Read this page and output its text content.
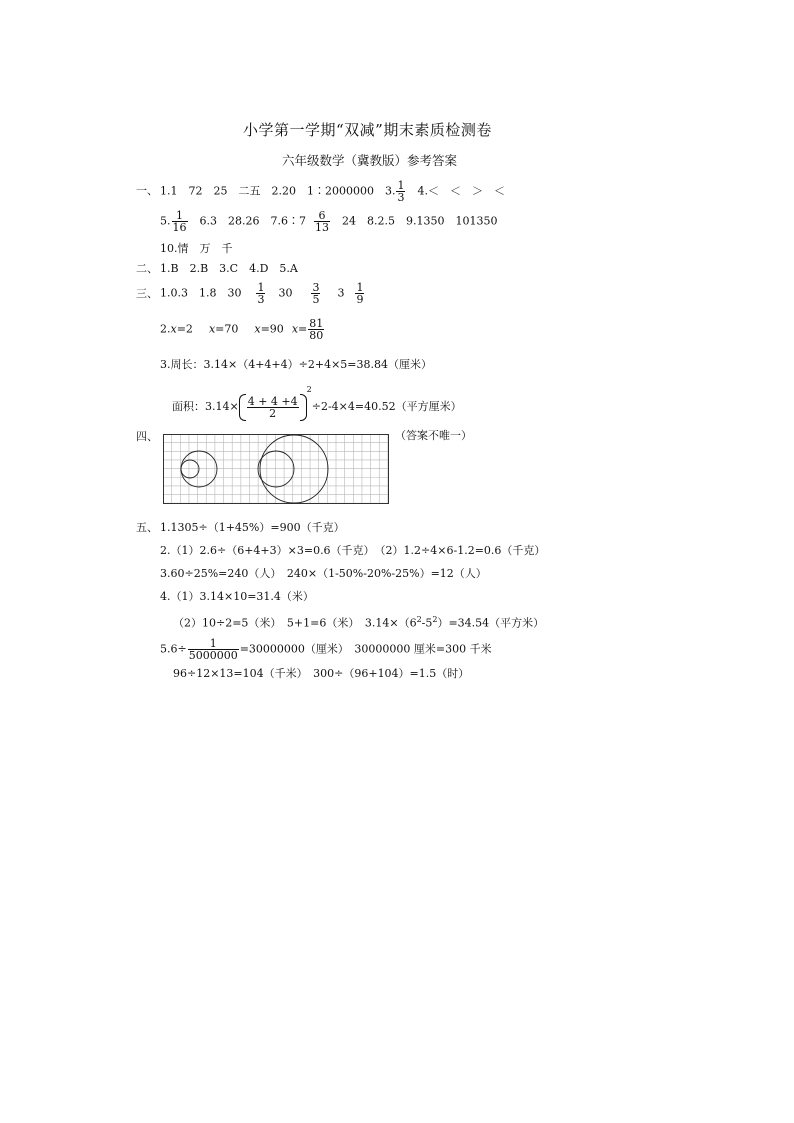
小学第一学期“双减”期末素质检测卷
六年级数学（冀教版）参考答案
一、 1.1　72　25　二五　2.20　1∶2000000　3. $\frac{1}{3}$ 　4.＜　＜　＞　＜
5. $\frac{1}{16}$ 　6.3　28.26　7.6∶7 $\frac{6}{13}$ 　24　8.2.5　9.1350　101350
10.情　万　千
二、 1.B　2.B　3.C　4.D　5.A
三、 1.0.3　1.8　$30 \frac{1}{3} 30 \frac{3}{5} 3 \frac{1}{9}$
2.x=2 x=70 x=90 $x= \frac{81}{80}$
3.周长：3.14×（4+4+4）÷2+4×5=38.84（厘米）
面积：$3.14\times \frac{4 + 4 +4}{2}$
$^2$÷2-4×4=40.52（平方厘米）
四、	（答案不唯一）
五、 1.1305÷（1+45%）=900（千克）
2.（1）2.6÷（6+4+3）×3=0.6（千克）　（2）1.2÷4×6-1.2=0.6（千克）
3.60÷25%=240（人）　240×（1-50%-20%-25%）=12（人）
4.（1）3.14×10=31.4（米）
（2）10÷2=5（米）　5+1=6（米）　$3.14\times(6^2-5^2)=34.54$（平方米）
$5.6\div \frac{1}{5000000} =30000000$（厘米）　30000000 厘米=300 千米
96÷12×13=104（千米）　300÷（96+104）=1.5（时）
